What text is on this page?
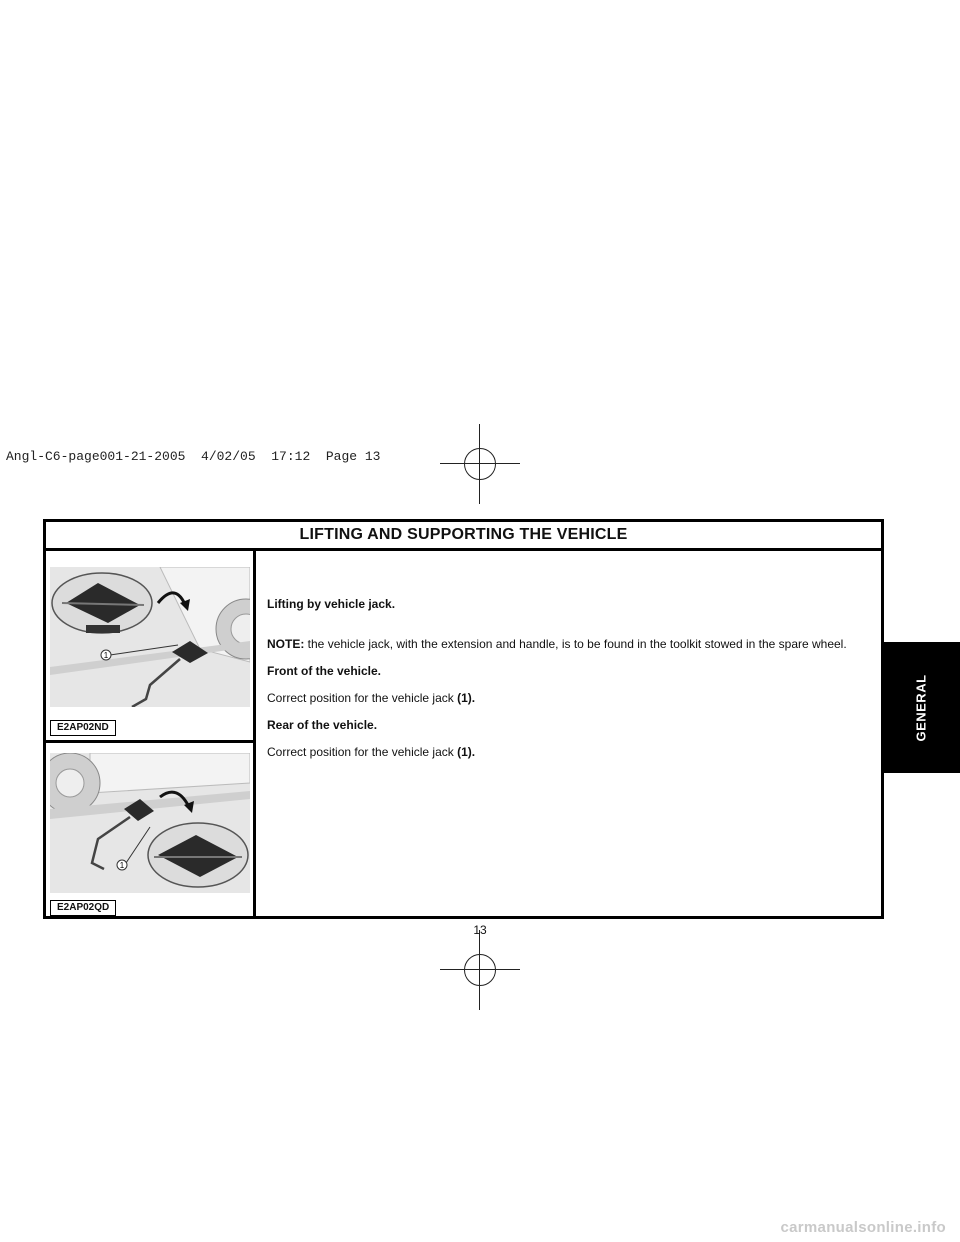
Angl-C6-page001-21-2005  4/02/05  17:12  Page 13
LIFTING AND SUPPORTING THE VEHICLE
1
E2AP02ND
1
E2AP02QD

Lifting by vehicle jack.

NOTE: the vehicle jack, with the extension and handle, is to be found in the toolkit stowed in the spare wheel.

Front of the vehicle.

Correct position for the vehicle jack (1).

Rear of the vehicle.

Correct position for the vehicle jack (1).

GENERAL
13
carmanualsonline.info
